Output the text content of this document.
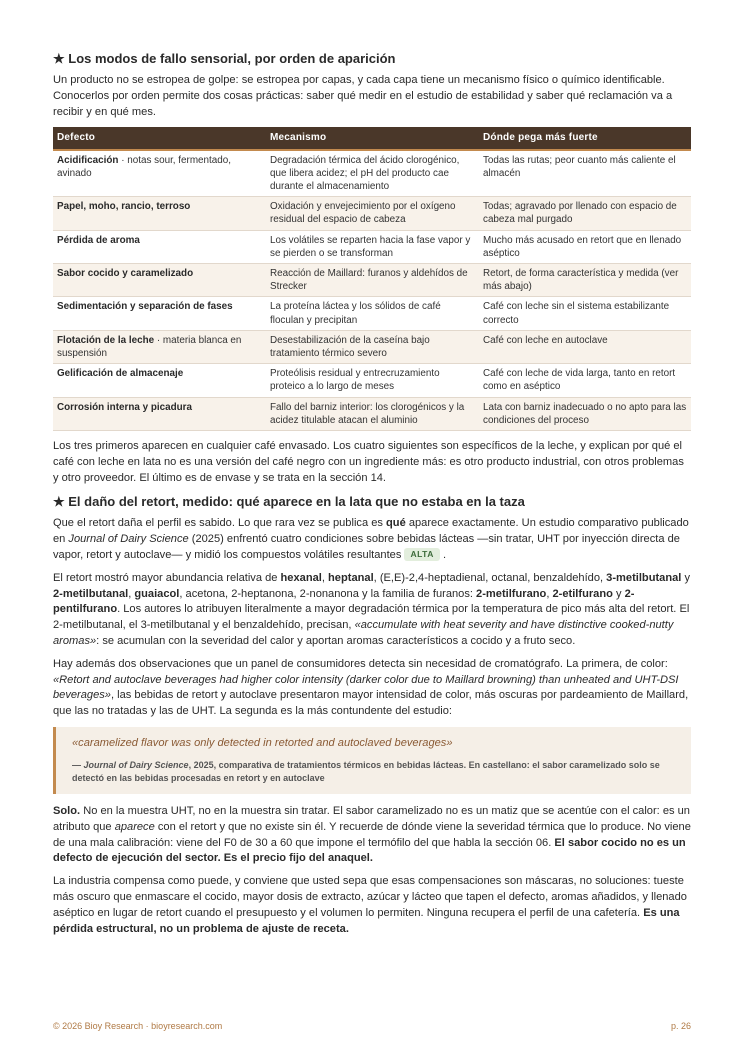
★ Los modos de fallo sensorial, por orden de aparición

Un producto no se estropea de golpe: se estropea por capas, y cada capa tiene un mecanismo físico o químico identificable. Conocerlos por orden permite dos cosas prácticas: saber qué medir en el estudio de estabilidad y saber qué reclamación va a recibir y en qué mes.

Defecto	Mecanismo	Dónde pega más fuerte
Acidificación · notas sour, fermentado, avinado	Degradación térmica del ácido clorogénico, que libera acidez; el pH del producto cae durante el almacenamiento	Todas las rutas; peor cuanto más caliente el almacén
Papel, moho, rancio, terroso	Oxidación y envejecimiento por el oxígeno residual del espacio de cabeza	Todas; agravado por llenado con espacio de cabeza mal purgado
Pérdida de aroma	Los volátiles se reparten hacia la fase vapor y se pierden o se transforman	Mucho más acusado en retort que en llenado aséptico
Sabor cocido y caramelizado	Reacción de Maillard: furanos y aldehídos de Strecker	Retort, de forma característica y medida (ver más abajo)
Sedimentación y separación de fases	La proteína láctea y los sólidos de café floculan y precipitan	Café con leche sin el sistema estabilizante correcto
Flotación de la leche · materia blanca en suspensión	Desestabilización de la caseína bajo tratamiento térmico severo	Café con leche en autoclave
Gelificación de almacenaje	Proteólisis residual y entrecruzamiento proteico a lo largo de meses	Café con leche de vida larga, tanto en retort como en aséptico
Corrosión interna y picadura	Fallo del barniz interior: los clorogénicos y la acidez titulable atacan el aluminio	Lata con barniz inadecuado o no apto para las condiciones del proceso

Los tres primeros aparecen en cualquier café envasado. Los cuatro siguientes son específicos de la leche, y explican por qué el café con leche en lata no es una versión del café negro con un ingrediente más: es otro producto industrial, con otros problemas y otro proveedor. El último es de envase y se trata en la sección 14.

★ El daño del retort, medido: qué aparece en la lata que no estaba en la taza

Que el retort daña el perfil es sabido. Lo que rara vez se publica es qué aparece exactamente. Un estudio comparativo publicado en Journal of Dairy Science (2025) enfrentó cuatro condiciones sobre bebidas lácteas —sin tratar, UHT por inyección directa de vapor, retort y autoclave— y midió los compuestos volátiles resultantes ALTA .

El retort mostró mayor abundancia relativa de hexanal, heptanal, (E,E)-2,4-heptadienal, octanal, benzaldehído, 3-metilbutanal y 2-metilbutanal, guaiacol, acetona, 2-heptanona, 2-nonanona y la familia de furanos: 2-metilfurano, 2-etilfurano y 2-pentilfurano. Los autores lo atribuyen literalmente a mayor degradación térmica por la temperatura de pico más alta del retort. El 2-metilbutanal, el 3-metilbutanal y el benzaldehído, precisan, «accumulate with heat severity and have distinctive cooked-nutty aromas»: se acumulan con la severidad del calor y aportan aromas característicos a cocido y a fruto seco.

Hay además dos observaciones que un panel de consumidores detecta sin necesidad de cromatógrafo. La primera, de color: «Retort and autoclave beverages had higher color intensity (darker color due to Maillard browning) than unheated and UHT-DSI beverages», las bebidas de retort y autoclave presentaron mayor intensidad de color, más oscuras por pardeamiento de Maillard, que las no tratadas y las de UHT. La segunda es la más contundente del estudio:

«caramelized flavor was only detected in retorted and autoclaved beverages»
— Journal of Dairy Science, 2025, comparativa de tratamientos térmicos en bebidas lácteas. En castellano: el sabor caramelizado solo se detectó en las bebidas procesadas en retort y en autoclave

Solo. No en la muestra UHT, no en la muestra sin tratar. El sabor caramelizado no es un matiz que se acentúe con el calor: es un atributo que aparece con el retort y que no existe sin él. Y recuerde de dónde viene la severidad térmica que lo produce. No viene de una mala calibración: viene del F0 de 30 a 60 que impone el termófilo del que habla la sección 06. El sabor cocido no es un defecto de ejecución del sector. Es el precio fijo del anaquel.

La industria compensa como puede, y conviene que usted sepa que esas compensaciones son máscaras, no soluciones: tueste más oscuro que enmascare el cocido, mayor dosis de extracto, azúcar y lácteo que tapen el defecto, aromas añadidos, y llenado aséptico en lugar de retort cuando el presupuesto y el volumen lo permiten. Ninguna recupera el perfil de una cafetería. Es una pérdida estructural, no un problema de ajuste de receta.

© 2026 Bioy Research · bioyresearch.com	p. 26
